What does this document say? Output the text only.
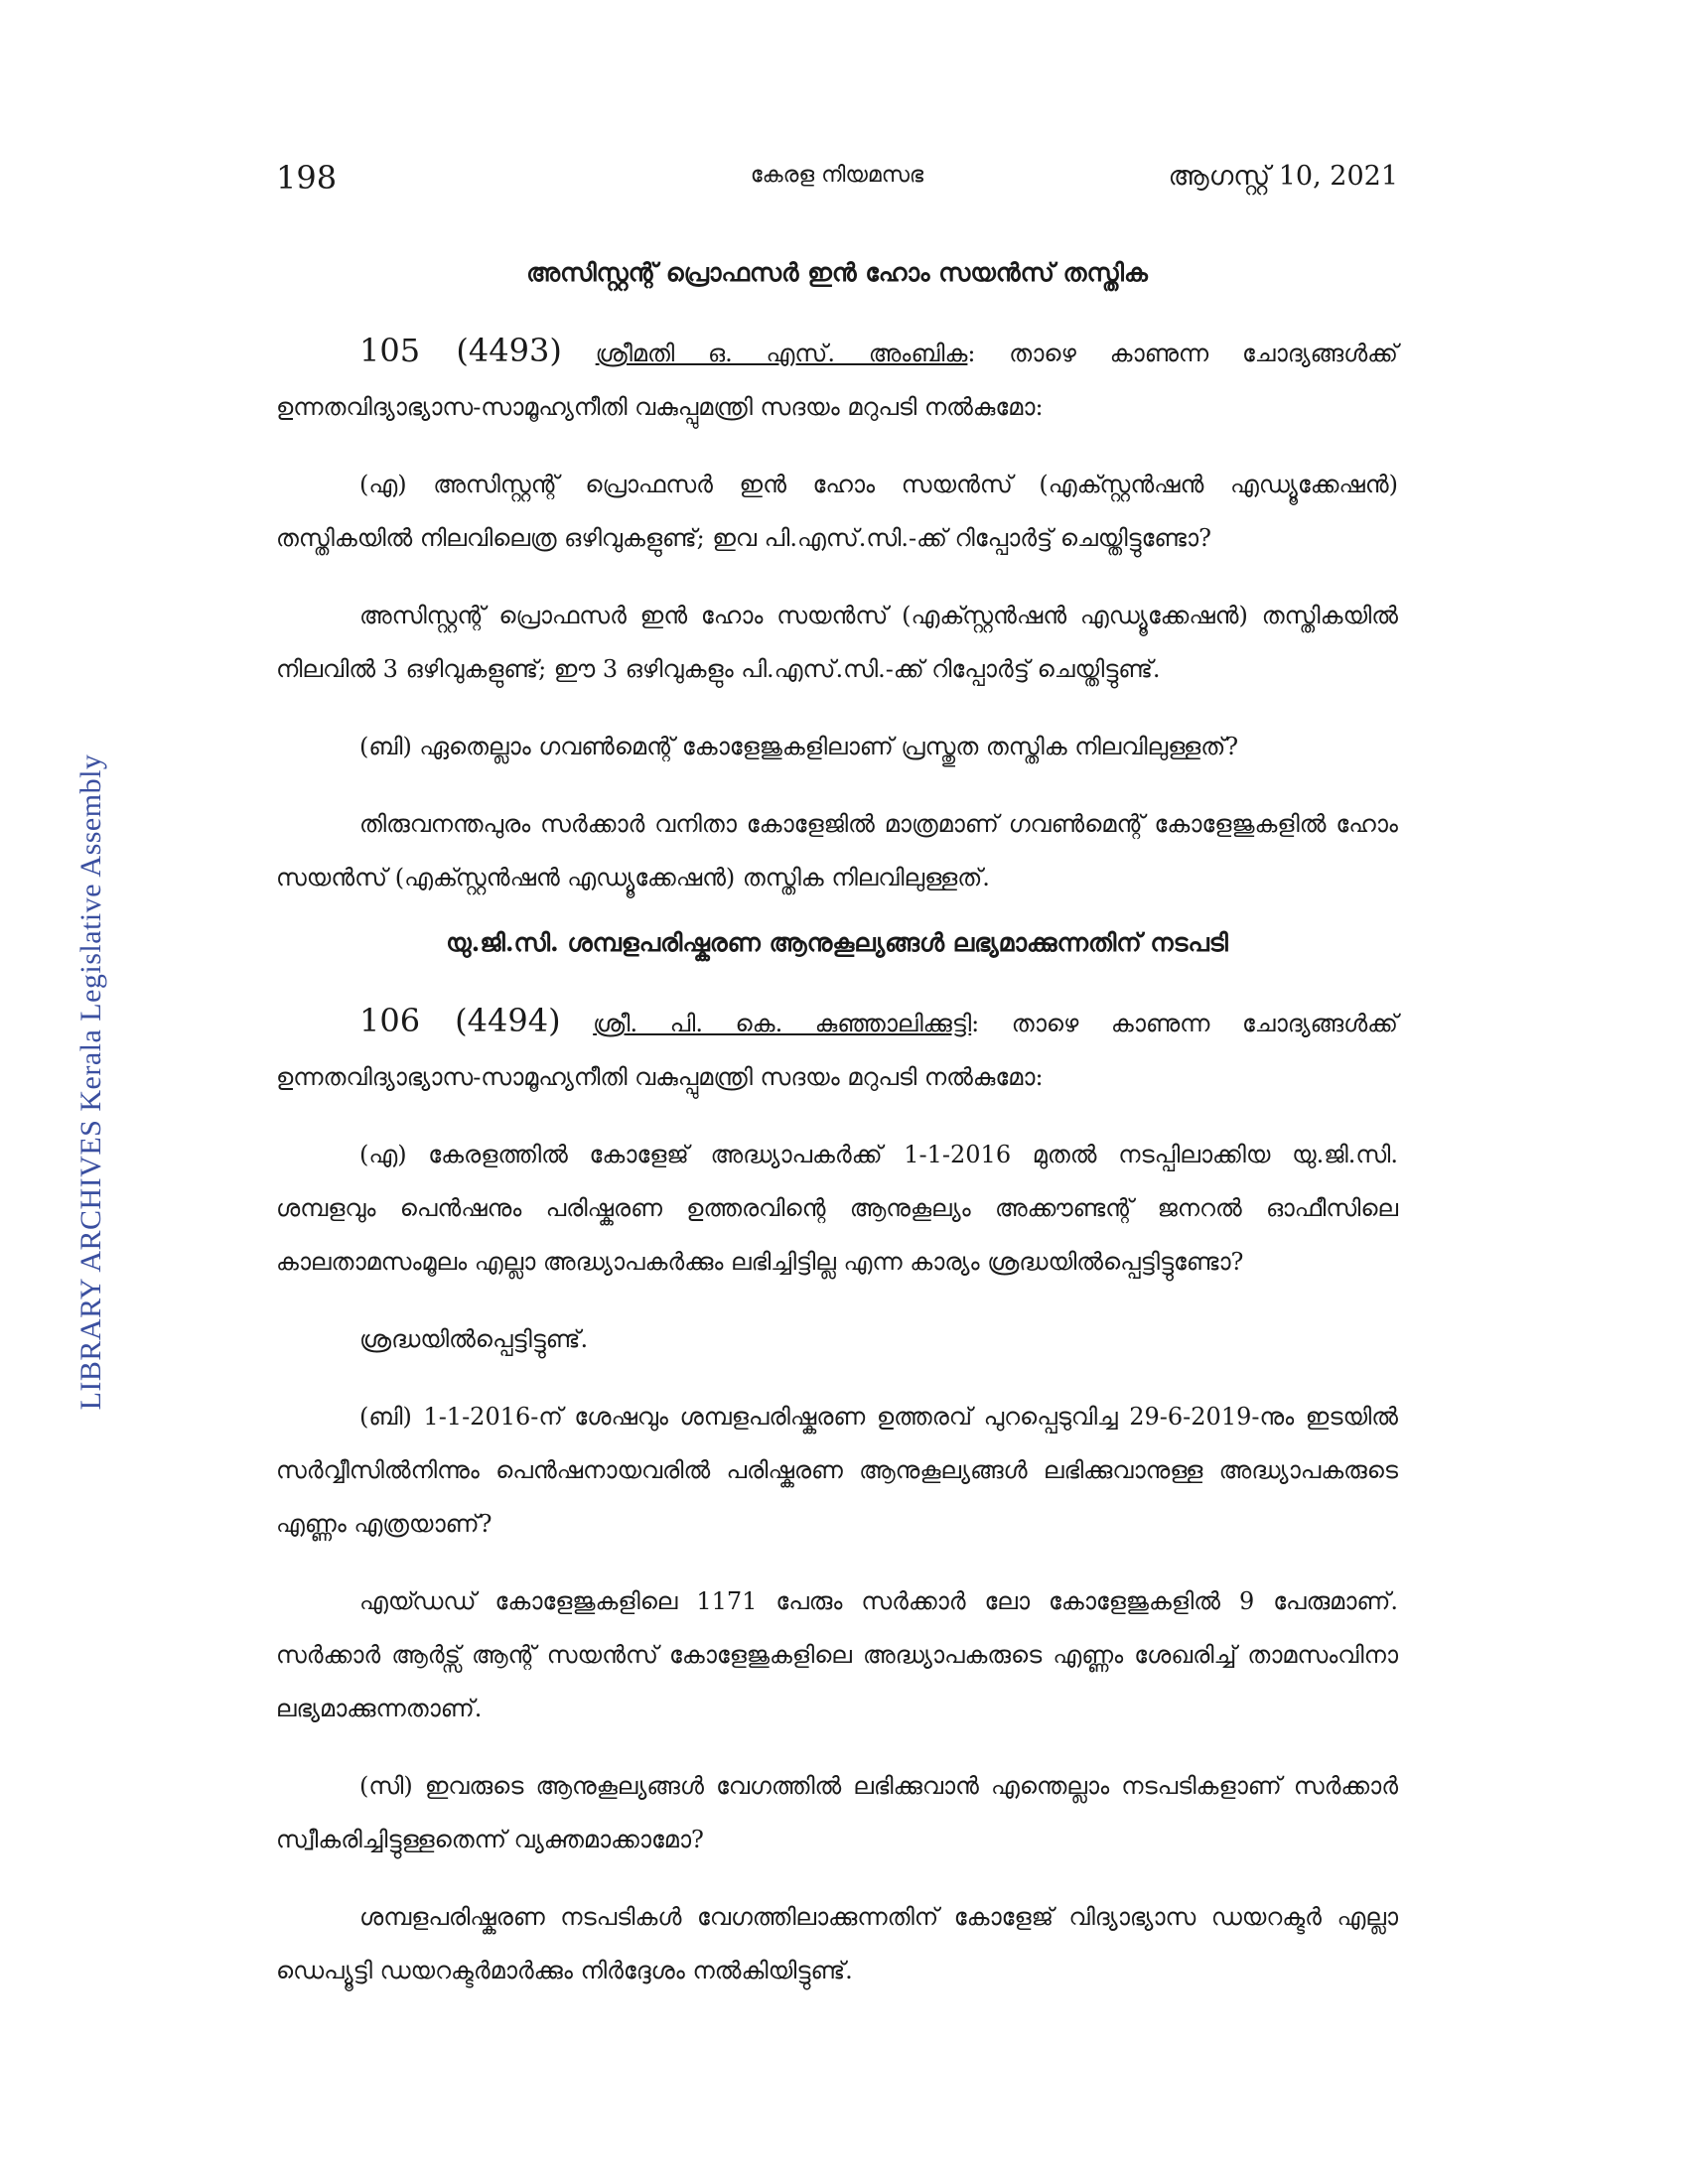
198	കേരള നിയമസഭ	ആഗസ്റ്റ് 10, 2021
LIBRARY ARCHIVES Kerala Legislative Assembly

അസിസ്റ്റന്റ് പ്രൊഫസർ ഇൻ ഹോം സയൻസ് തസ്തിക

105 (4493) ശ്രീമതി ഒ. എസ്. അംബിക: താഴെ കാണുന്ന ചോദ്യങ്ങൾക്ക് ഉന്നതവിദ്യാഭ്യാസ-സാമൂഹ്യനീതി വകുപ്പുമന്ത്രി സദയം മറുപടി നൽകുമോ:

(എ) അസിസ്റ്റന്റ് പ്രൊഫസർ ഇൻ ഹോം സയൻസ് (എക്സ്റ്റൻഷൻ എഡ്യൂക്കേഷൻ) തസ്തികയിൽ നിലവിലെത്ര ഒഴിവുകളുണ്ട്; ഇവ പി.എസ്.സി.-ക്ക് റിപ്പോർട്ട് ചെയ്തിട്ടുണ്ടോ?

അസിസ്റ്റന്റ് പ്രൊഫസർ ഇൻ ഹോം സയൻസ് (എക്സ്റ്റൻഷൻ എഡ്യൂക്കേഷൻ) തസ്തികയിൽ നിലവിൽ 3 ഒഴിവുകളുണ്ട്; ഈ 3 ഒഴിവുകളും പി.എസ്.സി.-ക്ക് റിപ്പോർട്ട് ചെയ്തിട്ടുണ്ട്.

(ബി) ഏതെല്ലാം ഗവൺമെന്റ് കോളേജുകളിലാണ് പ്രസ്തുത തസ്തിക നിലവിലുള്ളത്?

തിരുവനന്തപുരം സർക്കാർ വനിതാ കോളേജിൽ മാത്രമാണ് ഗവൺമെന്റ് കോളേജുകളിൽ ഹോം സയൻസ് (എക്സ്റ്റൻഷൻ എഡ്യൂക്കേഷൻ) തസ്തിക നിലവിലുള്ളത്.

യു.ജി.സി. ശമ്പളപരിഷ്കരണ ആനുകൂല്യങ്ങൾ ലഭ്യമാക്കുന്നതിന് നടപടി

106 (4494) ശ്രീ. പി. കെ. കുഞ്ഞാലിക്കുട്ടി: താഴെ കാണുന്ന ചോദ്യങ്ങൾക്ക് ഉന്നതവിദ്യാഭ്യാസ-സാമൂഹ്യനീതി വകുപ്പുമന്ത്രി സദയം മറുപടി നൽകുമോ:

(എ) കേരളത്തിൽ കോളേജ് അദ്ധ്യാപകർക്ക് 1-1-2016 മുതൽ നടപ്പിലാക്കിയ യു.ജി.സി. ശമ്പളവും പെൻഷനും പരിഷ്കരണ ഉത്തരവിന്റെ ആനുകൂല്യം അക്കൗണ്ടന്റ് ജനറൽ ഓഫീസിലെ കാലതാമസംമൂലം എല്ലാ അദ്ധ്യാപകർക്കും ലഭിച്ചിട്ടില്ല എന്ന കാര്യം ശ്രദ്ധയിൽപ്പെട്ടിട്ടുണ്ടോ?

ശ്രദ്ധയിൽപ്പെട്ടിട്ടുണ്ട്.

(ബി) 1-1-2016-ന് ശേഷവും ശമ്പളപരിഷ്കരണ ഉത്തരവ് പുറപ്പെടുവിച്ച 29-6-2019-നും ഇടയിൽ സർവ്വീസിൽനിന്നും പെൻഷനായവരിൽ പരിഷ്കരണ ആനുകൂല്യങ്ങൾ ലഭിക്കുവാനുള്ള അദ്ധ്യാപകരുടെ എണ്ണം എത്രയാണ്?

എയ്ഡഡ് കോളേജുകളിലെ 1171 പേരും സർക്കാർ ലോ കോളേജുകളിൽ 9 പേരുമാണ്. സർക്കാർ ആർട്സ് ആന്റ് സയൻസ് കോളേജുകളിലെ അദ്ധ്യാപകരുടെ എണ്ണം ശേഖരിച്ച് താമസംവിനാ ലഭ്യമാക്കുന്നതാണ്.

(സി) ഇവരുടെ ആനുകൂല്യങ്ങൾ വേഗത്തിൽ ലഭിക്കുവാൻ എന്തെല്ലാം നടപടികളാണ് സർക്കാർ സ്വീകരിച്ചിട്ടുള്ളതെന്ന് വ്യക്തമാക്കാമോ?

ശമ്പളപരിഷ്കരണ നടപടികൾ വേഗത്തിലാക്കുന്നതിന് കോളേജ് വിദ്യാഭ്യാസ ഡയറക്ടർ എല്ലാ ഡെപ്യൂട്ടി ഡയറക്ടർമാർക്കും നിർദ്ദേശം നൽകിയിട്ടുണ്ട്.
